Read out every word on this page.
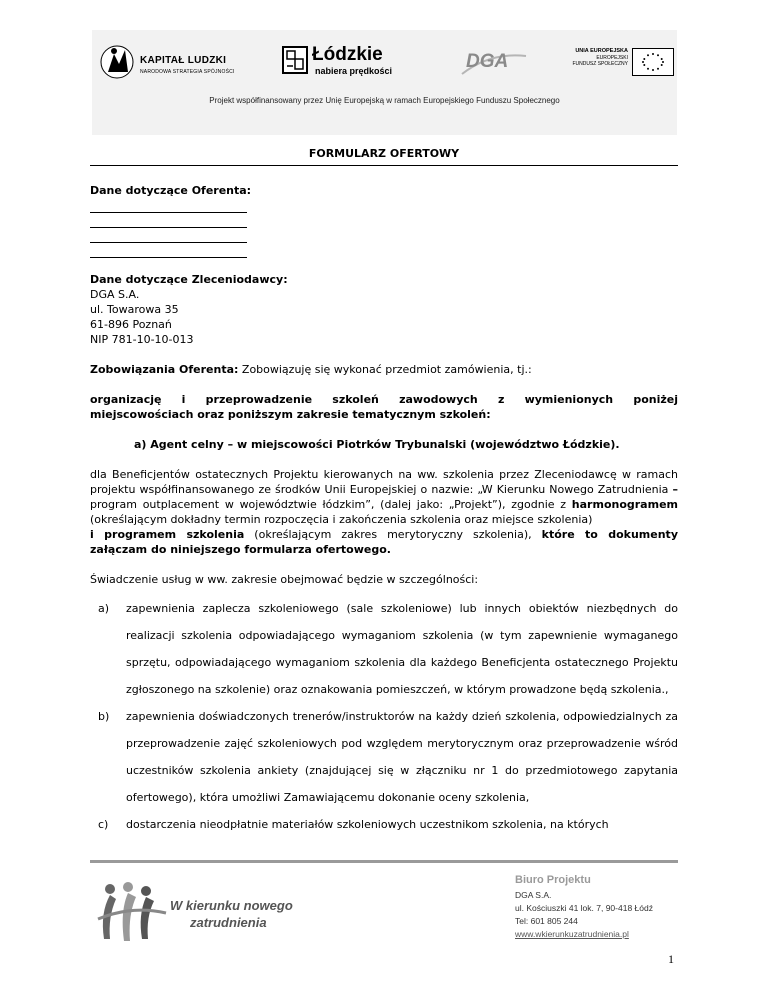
KAPITAŁ LUDZKI
NARODOWA STRATEGIA SPÓJNOŚCI
Łódzkie
nabiera prędkości	DGA	UNIA EUROPEJSKA
EUROPEJSKI
FUNDUSZ SPOŁECZNY
Projekt współfinansowany przez Unię Europejską w ramach Europejskiego Funduszu Społecznego
FORMULARZ OFERTOWY

Dane dotyczące Oferenta:

Dane dotyczące Zleceniodawcy:

DGA S.A.

ul. Towarowa 35

61-896 Poznań

NIP 781-10-10-013

Zobowiązania Oferenta: Zobowiązuję się wykonać przedmiot zamówienia, tj.:

organizację i przeprowadzenie szkoleń zawodowych z wymienionych poniżej

miejscowościach oraz poniższym zakresie tematycznym szkoleń:

a) Agent celny – w miejscowości Piotrków Trybunalski (województwo Łódzkie).

dla Beneficjentów ostatecznych Projektu kierowanych na ww. szkolenia przez Zleceniodawcę w ramach projektu współfinansowanego ze środków Unii Europejskiej o nazwie: „W Kierunku Nowego Zatrudnienia – program outplacement w województwie łódzkim”, (dalej jako: „Projekt”), zgodnie z harmonogramem (określającym dokładny termin rozpoczęcia i zakończenia szkolenia oraz miejsce szkolenia)
i programem szkolenia (określającym zakres merytoryczny szkolenia), które to dokumenty załączam do niniejszego formularza ofertowego.

Świadczenie usług w ww. zakresie obejmować będzie w szczególności:

a) zapewnienia zaplecza szkoleniowego (sale szkoleniowe) lub innych obiektów niezbędnych do realizacji szkolenia odpowiadającego wymaganiom szkolenia (w tym zapewnienie wymaganego sprzętu, odpowiadającego wymaganiom szkolenia dla każdego Beneficjenta ostatecznego Projektu zgłoszonego na szkolenie) oraz oznakowania pomieszczeń, w którym prowadzone będą szkolenia.,
b) zapewnienia doświadczonych trenerów/instruktorów na każdy dzień szkolenia, odpowiedzialnych za przeprowadzenie zajęć szkoleniowych pod względem merytorycznym oraz przeprowadzenie wśród uczestników szkolenia ankiety (znajdującej się w złączniku nr 1 do przedmiotowego zapytania ofertowego), która umożliwi Zamawiającemu dokonanie oceny szkolenia,
c) dostarczenia nieodpłatnie materiałów szkoleniowych uczestnikom szkolenia, na których
W kierunku nowego
zatrudnienia
Biuro Projektu
DGA S.A.
ul. Kościuszki 41 lok. 7, 90-418 Łódź
Tel: 601 805 244
www.wkierunkuzatrudnienia.pl
1
